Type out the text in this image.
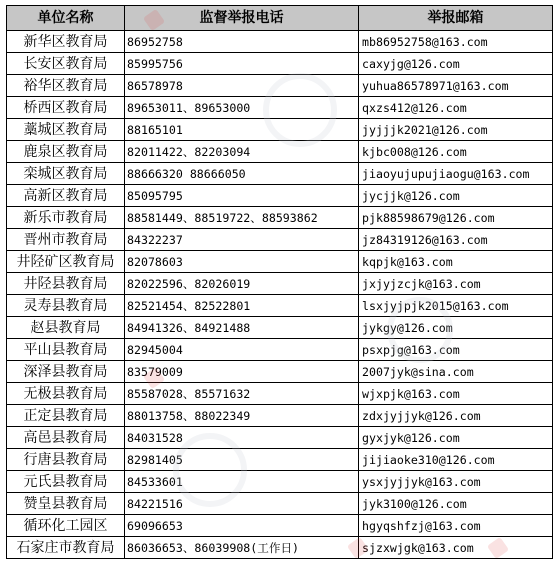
单位名称	监督举报电话	举报邮箱
新华区教育局	86952758	mb86952758@163.com
长安区教育局	85995756	caxyjg@126.com
裕华区教育局	86578978	yuhua86578971@163.com
桥西区教育局	89653011、89653000	qxzs412@126.com
藁城区教育局	88165101	jyjjjk2021@126.com
鹿泉区教育局	82011422、82203094	kjbc008@126.com
栾城区教育局	88666320 88666050	jiaoyujupujiaogu@163.com
高新区教育局	85095795	jycjjk@126.com
新乐市教育局	88581449、88519722、88593862	pjk88598679@126.com
晋州市教育局	84322237	jz84319126@163.com
井陉矿区教育局	82078603	kqpjk@163.com
井陉县教育局	82022596、82026019	jxjyjzcjk@163.com
灵寿县教育局	82521454、82522801	lsxjyjpjk2015@163.com
赵县教育局	84941326、84921488	jykgy@126.com
平山县教育局	82945004	psxpjg@163.com
深泽县教育局	83579009	2007jyk@sina.com
无极县教育局	85587028、85571632	wjxpjk@163.com
正定县教育局	88013758、88022349	zdxjyjjyk@126.com
高邑县教育局	84031528	gyxjyk@126.com
行唐县教育局	82981405	jijiaoke310@126.com
元氏县教育局	84533601	ysxjyjjyk@163.com
赞皇县教育局	84221516	jyk3100@126.com
循环化工园区	69096653	hgyqshfzj@163.com
石家庄市教育局	86036653、86039908(工作日)	sjzxwjgk@163.com
